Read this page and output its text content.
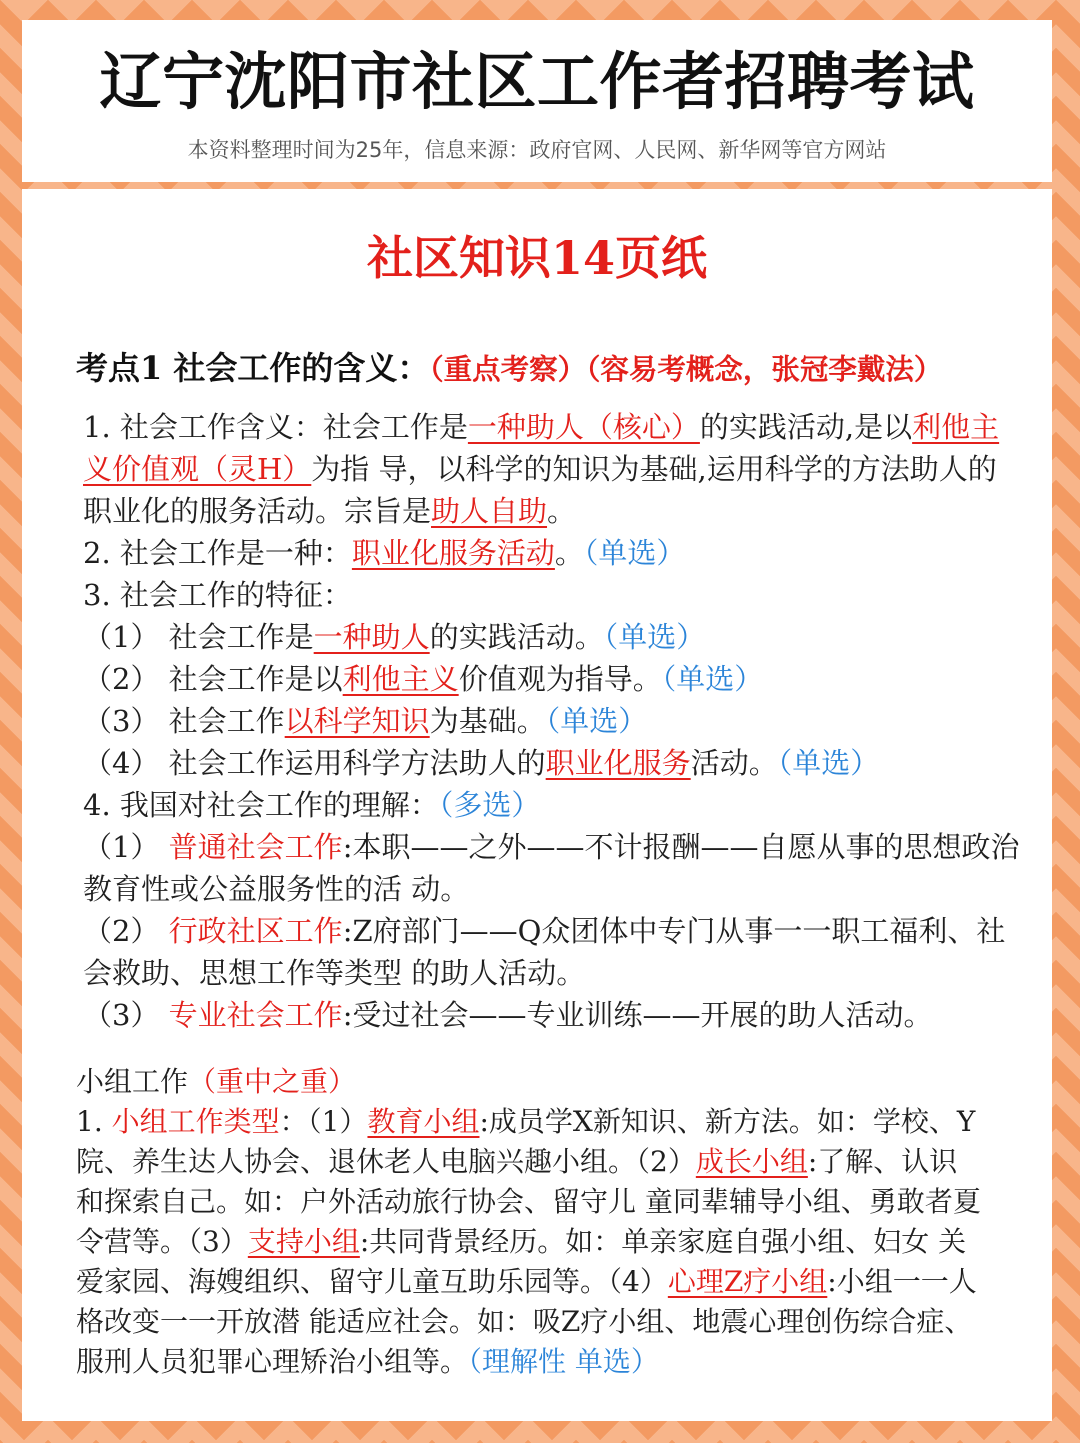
辽宁沈阳市社区工作者招聘考试
本资料整理时间为25年，信息来源：政府官网、人民网、新华网等官方网站
社区知识14页纸
考点1 社会工作的含义：（重点考察）（容易考概念，张冠李戴法）
1. 社会工作含义：社会工作是一种助人（核心）的实践活动,是以利他主
义价值观（灵H）为指 导，以科学的知识为基础,运用科学的方法助人的
职业化的服务活动。宗旨是助人自助。
2. 社会工作是一种：职业化服务活动。（单选）
3. 社会工作的特征：
（1） 社会工作是一种助人的实践活动。（单选）
（2） 社会工作是以利他主义价值观为指导。（单选）
（3） 社会工作以科学知识为基础。（单选）
（4） 社会工作运用科学方法助人的职业化服务活动。（单选）
4. 我国对社会工作的理解：（多选）
（1） 普通社会工作:本职——之外——不计报酬——自愿从事的思想政治
教育性或公益服务性的活 动。
（2） 行政社区工作:Z府部门——Q众团体中专门从事一一职工福利、社
会救助、思想工作等类型 的助人活动。
（3） 专业社会工作:受过社会——专业训练——开展的助人活动。
小组工作（重中之重）
1. 小组工作类型：（1）教育小组:成员学X新知识、新方法。如：学校、Y
院、养生达人协会、退休老人电脑兴趣小组。（2）成长小组:了解、认识
和探索自己。如：户外活动旅行协会、留守儿 童同辈辅导小组、勇敢者夏
令营等。（3）支持小组:共同背景经历。如：单亲家庭自强小组、妇女 关
爱家园、海嫂组织、留守儿童互助乐园等。（4）心理Z疗小组:小组一一人
格改变一一开放潜 能适应社会。如：吸Z疗小组、地震心理创伤综合症、
服刑人员犯罪心理矫治小组等。（理解性 单选）
